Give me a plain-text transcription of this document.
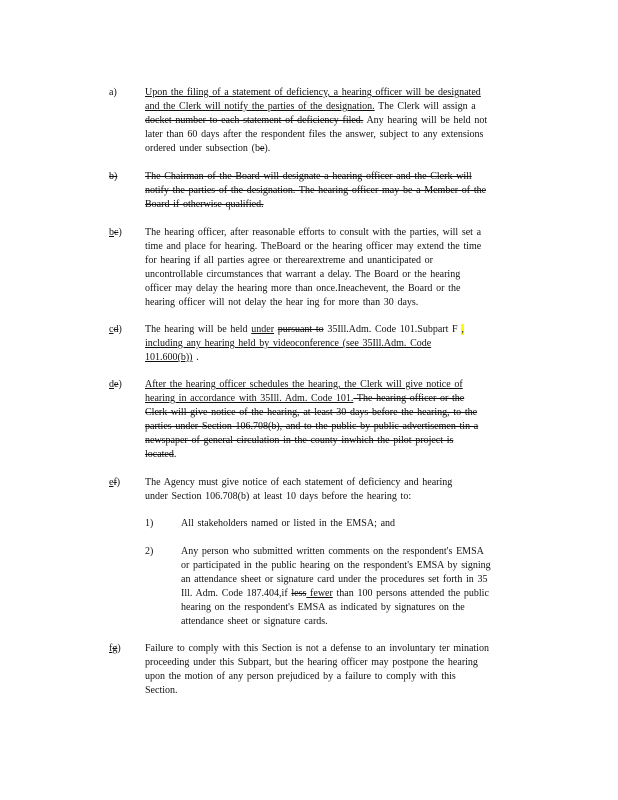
a)	Upon the filing of a statement of deficiency, a hearing officer will be designated
and the Clerk will notify the parties of the designation. The Clerk will assign a
docket number to each statement of deficiency filed. Any hearing will be held not
later than 60 days after the respondent files the answer, subject to any extensions
ordered under subsection (be).
b)	The Chairman of the Board will designate a hearing officer and the Clerk will
notify the parties of the designation. The hearing officer may be a Member of the
Board if otherwise qualified.
bc) The hearing officer, after reasonable efforts to consult with the parties, will set a
time and place for hearing. TheBoard or the hearing officer may extend the time
for hearing if all parties agree or therearextreme and unanticipated or
uncontrollable circumstances that warrant a delay. The Board or the hearing
officer may delay the hearing more than once.Ineachevent, the Board or the
hearing officer will not delay the hear ing for more than 30 days.
cd) The hearing will be held under pursuant to 35Ill.Adm. Code 101.Subpart F ,
including any hearing held by videoconference (see 35Ill.Adm. Code
101.600(b)) .
de) After the hearing officer schedules the hearing, the Clerk will give notice of
hearing in accordance with 35Ill. Adm. Code 101. The hearing officer or the
Clerk will give notice of the hearing, at least 30 days before the hearing, to the
parties under Section 106.708(b), and to the public by public advertisemen tin a
newspaper of general circulation in the county inwhich the pilot project is
located.
ef) The Agency must give notice of each statement of deficiency and hearing
under Section 106.708(b) at least 10 days before the hearing to:
1)	All stakeholders named or listed in the EMSA; and
2)	Any person who submitted written comments on the respondent's EMSA
or participated in the public hearing on the respondent's EMSA by signing
an attendance sheet or signature card under the procedures set forth in 35
Ill. Adm. Code 187.404,if less fewer than 100 persons attended the public
hearing on the respondent's EMSA as indicated by signatures on the
attendance sheet or signature cards.
fg) Failure to comply with this Section is not a defense to an involuntary ter mination
proceeding under this Subpart, but the hearing officer may postpone the hearing
upon the motion of any person prejudiced by a failure to comply with this
Section.
